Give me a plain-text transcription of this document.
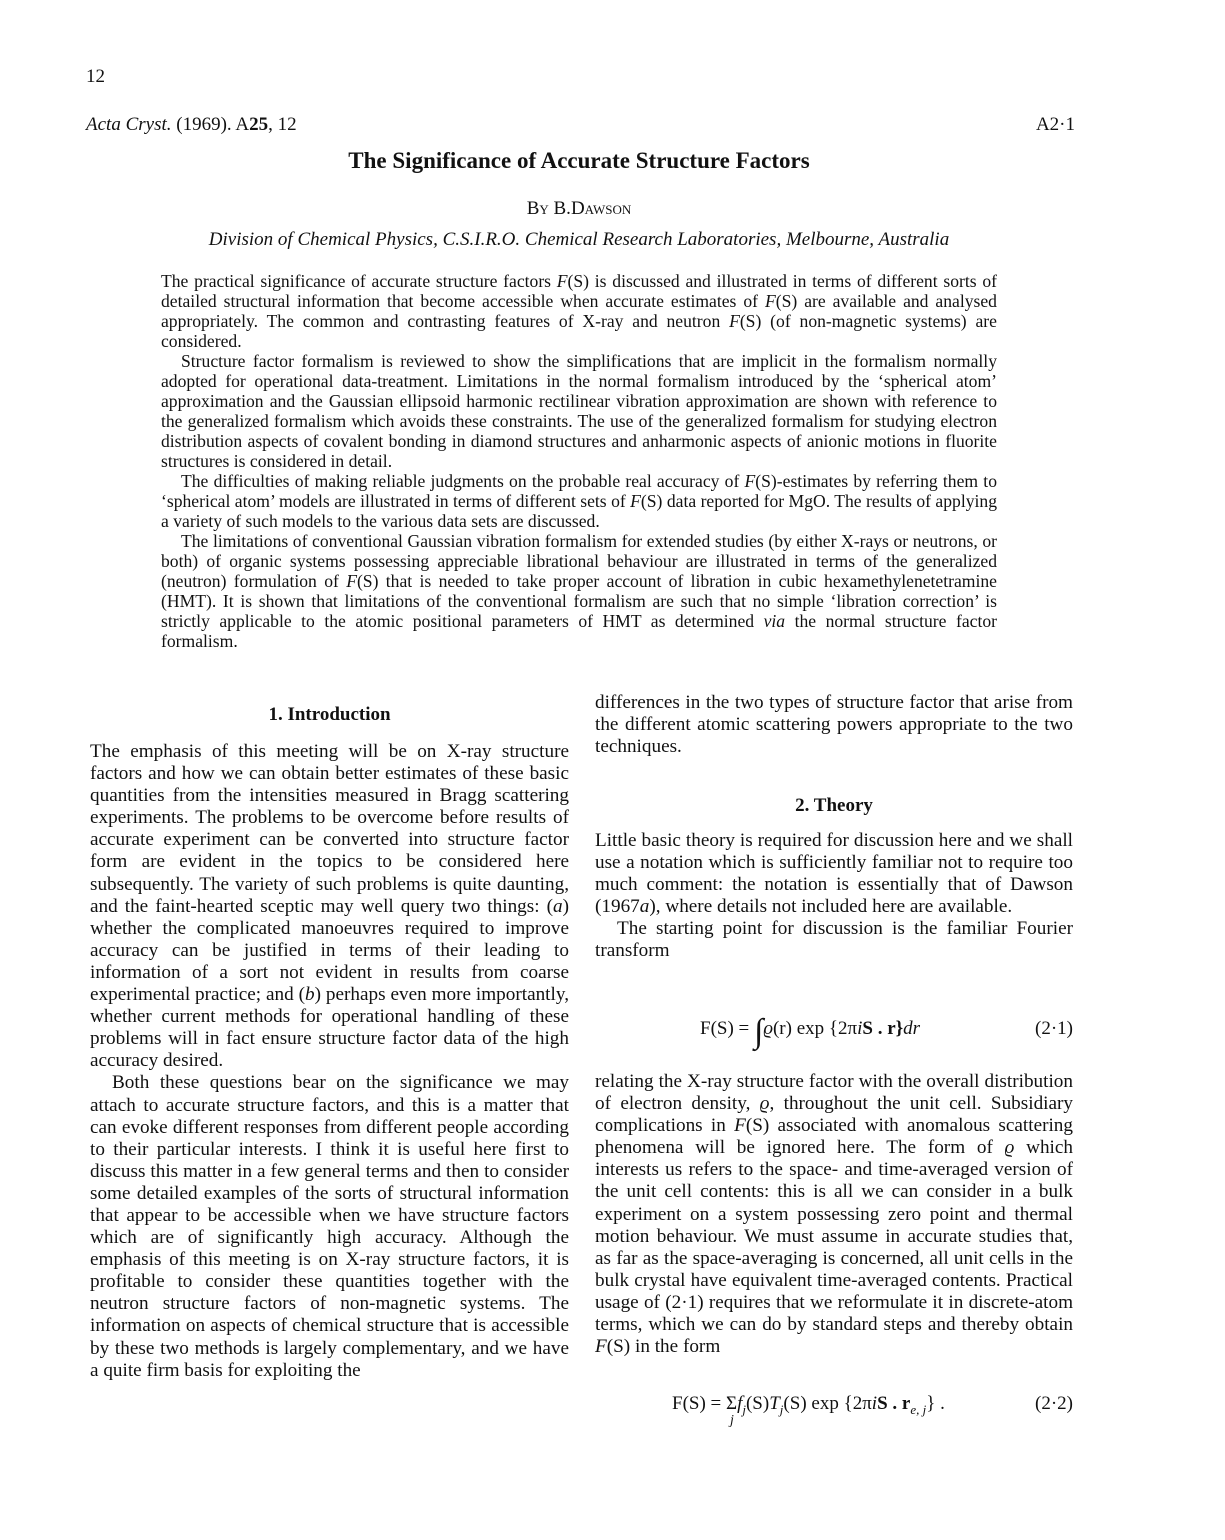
12
Acta Cryst. (1969). A25, 12	A2·1
The Significance of Accurate Structure Factors
By B.Dawson
Division of Chemical Physics, C.S.I.R.O. Chemical Research Laboratories, Melbourne, Australia

The practical significance of accurate structure factors F(S) is discussed and illustrated in terms of different sorts of detailed structural information that become accessible when accurate estimates of F(S) are available and analysed appropriately. The common and contrasting features of X-ray and neutron F(S) (of non-magnetic systems) are considered.

Structure factor formalism is reviewed to show the simplifications that are implicit in the formalism normally adopted for operational data-treatment. Limitations in the normal formalism introduced by the ‘spherical atom’ approximation and the Gaussian ellipsoid harmonic rectilinear vibration approximation are shown with reference to the generalized formalism which avoids these constraints. The use of the generalized formalism for studying electron distribution aspects of covalent bonding in diamond structures and anharmonic aspects of anionic motions in fluorite structures is considered in detail.

The difficulties of making reliable judgments on the probable real accuracy of F(S)-estimates by referring them to ‘spherical atom’ models are illustrated in terms of different sets of F(S) data reported for MgO. The results of applying a variety of such models to the various data sets are discussed.

The limitations of conventional Gaussian vibration formalism for extended studies (by either X-rays or neutrons, or both) of organic systems possessing appreciable librational behaviour are illustrated in terms of the generalized (neutron) formulation of F(S) that is needed to take proper account of libration in cubic hexamethylenetetramine (HMT). It is shown that limitations of the conventional formalism are such that no simple ‘libration correction’ is strictly applicable to the atomic positional parameters of HMT as determined via the normal structure factor formalism.

1. Introduction

The emphasis of this meeting will be on X-ray structure factors and how we can obtain better estimates of these basic quantities from the intensities measured in Bragg scattering experiments. The problems to be overcome before results of accurate experiment can be converted into structure factor form are evident in the topics to be considered here subsequently. The variety of such problems is quite daunting, and the faint-hearted sceptic may well query two things: (a) whether the complicated manoeuvres required to improve accuracy can be justified in terms of their leading to information of a sort not evident in results from coarse experimental practice; and (b) perhaps even more importantly, whether current methods for operational handling of these problems will in fact ensure structure factor data of the high accuracy desired.

Both these questions bear on the significance we may attach to accurate structure factors, and this is a matter that can evoke different responses from different people according to their particular interests. I think it is useful here first to discuss this matter in a few general terms and then to consider some detailed examples of the sorts of structural information that appear to be accessible when we have structure factors which are of significantly high accuracy. Although the emphasis of this meeting is on X-ray structure factors, it is profitable to consider these quantities together with the neutron structure factors of non-magnetic systems. The information on aspects of chemical structure that is accessible by these two methods is largely complementary, and we have a quite firm basis for exploiting the

differences in the two types of structure factor that arise from the different atomic scattering powers appropriate to the two techniques.
2. Theory

Little basic theory is required for discussion here and we shall use a notation which is sufficiently familiar not to require too much comment: the notation is essentially that of Dawson (1967a), where details not included here are available.

The starting point for discussion is the familiar Fourier transform

F(S) = ∫ϱ(r) exp {2πiS . r}dr	(2·1)

relating the X-ray structure factor with the overall distribution of electron density, ϱ, throughout the unit cell. Subsidiary complications in F(S) associated with anomalous scattering phenomena will be ignored here. The form of ϱ which interests us refers to the space- and time-averaged version of the unit cell contents: this is all we can consider in a bulk experiment on a system possessing zero point and thermal motion behaviour. We must assume in accurate studies that, as far as the space-averaging is concerned, all unit cells in the bulk crystal have equivalent time-averaged contents. Practical usage of (2·1) requires that we reformulate it in discrete-atom terms, which we can do by standard steps and thereby obtain F(S) in the form

F(S) = Σ
j
$f_j(S)T_j(S)$ exp {2πiS . $r_{e, j}$} .	(2·2)
